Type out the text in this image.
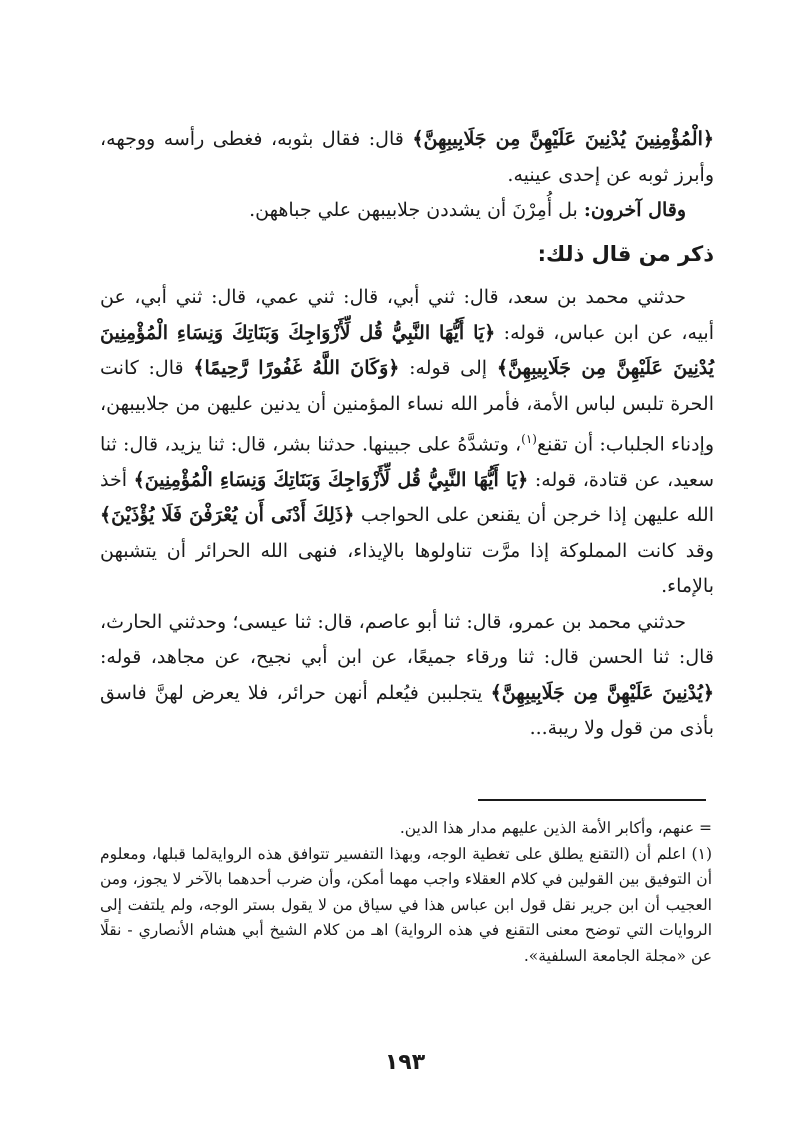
﴿الْمُؤْمِنِينَ يُدْنِينَ عَلَيْهِنَّ مِن جَلَابِيبِهِنَّ﴾ قال: فقال بثوبه، فغطى رأسه ووجهه، وأبرز ثوبه عن إحدى عينيه.

وقال آخرون: بل أُمِرْنَ أن يشددن جلابيبهن علي جباههن.

ذكر من قال ذلك:

حدثني محمد بن سعد، قال: ثني أبي، قال: ثني عمي، قال: ثني أبي، عن أبيه، عن ابن عباس، قوله: ﴿يَا أَيُّهَا النَّبِيُّ قُل لِّأَزْوَاجِكَ وَبَنَاتِكَ وَنِسَاءِ الْمُؤْمِنِينَ يُدْنِينَ عَلَيْهِنَّ مِن جَلَابِيبِهِنَّ﴾ إلى قوله: ﴿وَكَانَ اللَّهُ غَفُورًا رَّحِيمًا﴾ قال: كانت الحرة تلبس لباس الأمة، فأمر الله نساء المؤمنين أن يدنين عليهن من جلابيبهن، وإدناء الجلباب: أن تقنع$^{(١)}$، وتشدَّهُ على جبينها. حدثنا بشر، قال: ثنا يزيد، قال: ثنا سعيد، عن قتادة، قوله: ﴿يَا أَيُّهَا النَّبِيُّ قُل لِّأَزْوَاجِكَ وَبَنَاتِكَ وَنِسَاءِ الْمُؤْمِنِينَ﴾ أخذ الله عليهن إذا خرجن أن يقنعن على الحواجب ﴿ذَلِكَ أَدْنَى أَن يُعْرَفْنَ فَلَا يُؤْذَيْنَ﴾ وقد كانت المملوكة إذا مرَّت تناولوها بالإيذاء، فنهى الله الحرائر أن يتشبهن بالإماء.

حدثني محمد بن عمرو، قال: ثنا أبو عاصم، قال: ثنا عيسى؛ وحدثني الحارث، قال: ثنا الحسن قال: ثنا ورقاء جميعًا، عن ابن أبي نجيح، عن مجاهد، قوله: ﴿يُدْنِينَ عَلَيْهِنَّ مِن جَلَابِيبِهِنَّ﴾ يتجلببن فيُعلم أنهن حرائر، فلا يعرض لهنَّ فاسق بأذى من قول ولا ريبة...

= عنهم، وأكابر الأمة الذين عليهم مدار هذا الدين.

(١) اعلم أن (التقنع يطلق على تغطية الوجه، وبهذا التفسير تتوافق هذه الروايةلما قبلها، ومعلوم أن التوفيق بين القولين في كلام العقلاء واجب مهما أمكن، وأن ضرب أحدهما بالآخر لا يجوز، ومن العجيب أن ابن جرير نقل قول ابن عباس هذا في سياق من لا يقول بستر الوجه، ولم يلتفت إلى الروايات التي توضح معنى التقنع في هذه الرواية) اهـ من كلام الشيخ أبي هشام الأنصاري - نقلًا عن «مجلة الجامعة السلفية».

١٩٣
